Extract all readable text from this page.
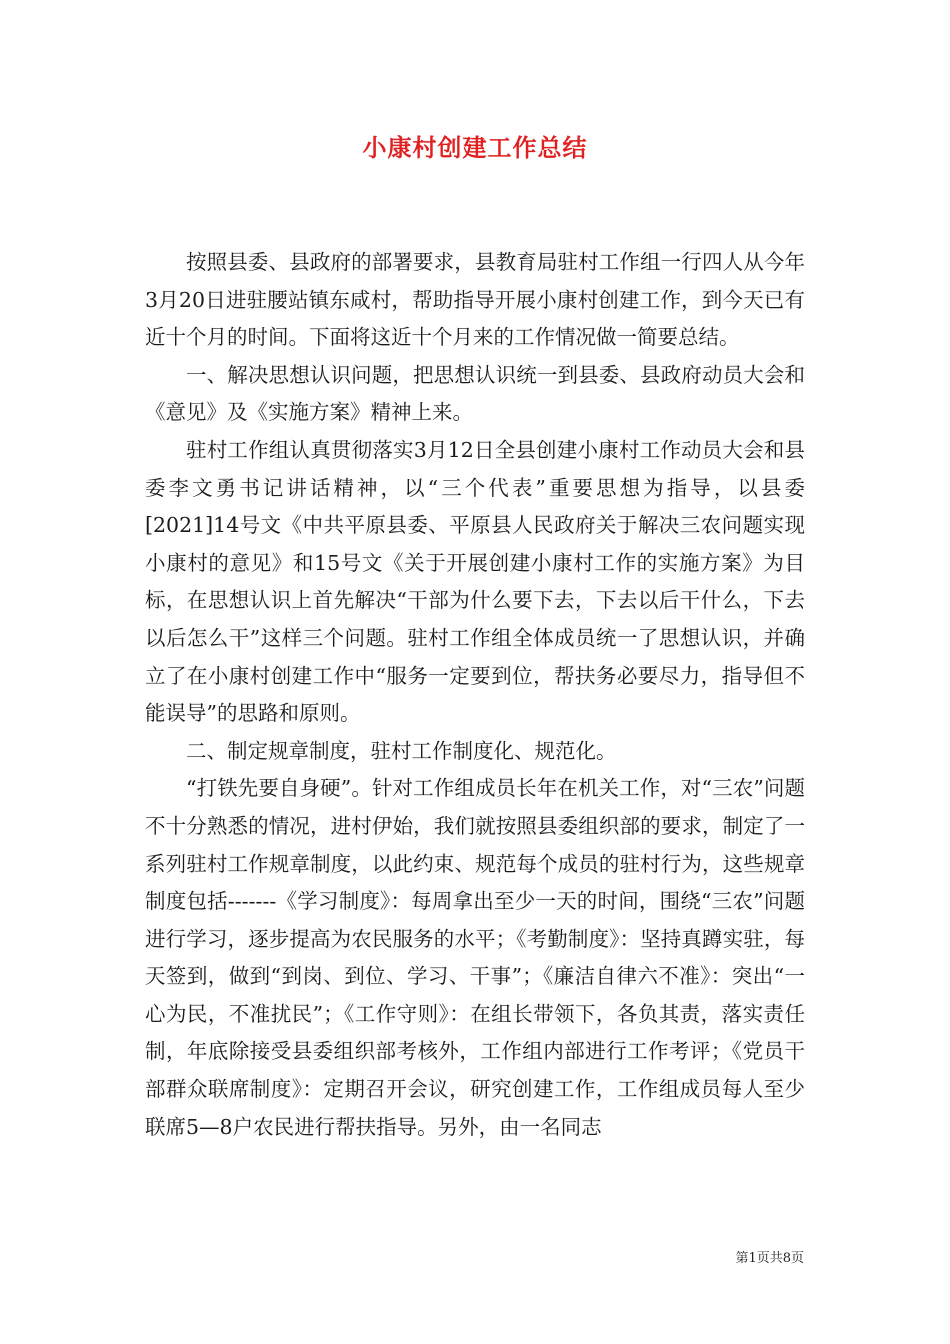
小康村创建工作总结

按照县委、县政府的部署要求，县教育局驻村工作组一行四人从今年3月20日进驻腰站镇东咸村，帮助指导开展小康村创建工作，到今天已有近十个月的时间。下面将这近十个月来的工作情况做一简要总结。

一、解决思想认识问题，把思想认识统一到县委、县政府动员大会和《意见》及《实施方案》精神上来。

驻村工作组认真贯彻落实3月12日全县创建小康村工作动员大会和县委李文勇书记讲话精神，以“三个代表”重要思想为指导，以县委[2021]14号文《中共平原县委、平原县人民政府关于解决三农问题实现小康村的意见》和15号文《关于开展创建小康村工作的实施方案》为目标，在思想认识上首先解决“干部为什么要下去，下去以后干什么，下去以后怎么干”这样三个问题。驻村工作组全体成员统一了思想认识，并确立了在小康村创建工作中“服务一定要到位，帮扶务必要尽力，指导但不能误导”的思路和原则。

二、制定规章制度，驻村工作制度化、规范化。

“打铁先要自身硬”。针对工作组成员长年在机关工作，对“三农”问题不十分熟悉的情况，进村伊始，我们就按照县委组织部的要求，制定了一系列驻村工作规章制度，以此约束、规范每个成员的驻村行为，这些规章制度包括-------《学习制度》：每周拿出至少一天的时间，围绕“三农”问题进行学习，逐步提高为农民服务的水平；《考勤制度》：坚持真蹲实驻，每天签到，做到“到岗、到位、学习、干事”；《廉洁自律六不准》：突出“一心为民，不准扰民”；《工作守则》：在组长带领下，各负其责，落实责任制，年底除接受县委组织部考核外，工作组内部进行工作考评；《党员干部群众联席制度》：定期召开会议，研究创建工作，工作组成员每人至少联席5—8户农民进行帮扶指导。另外，由一名同志

第1页共8页
